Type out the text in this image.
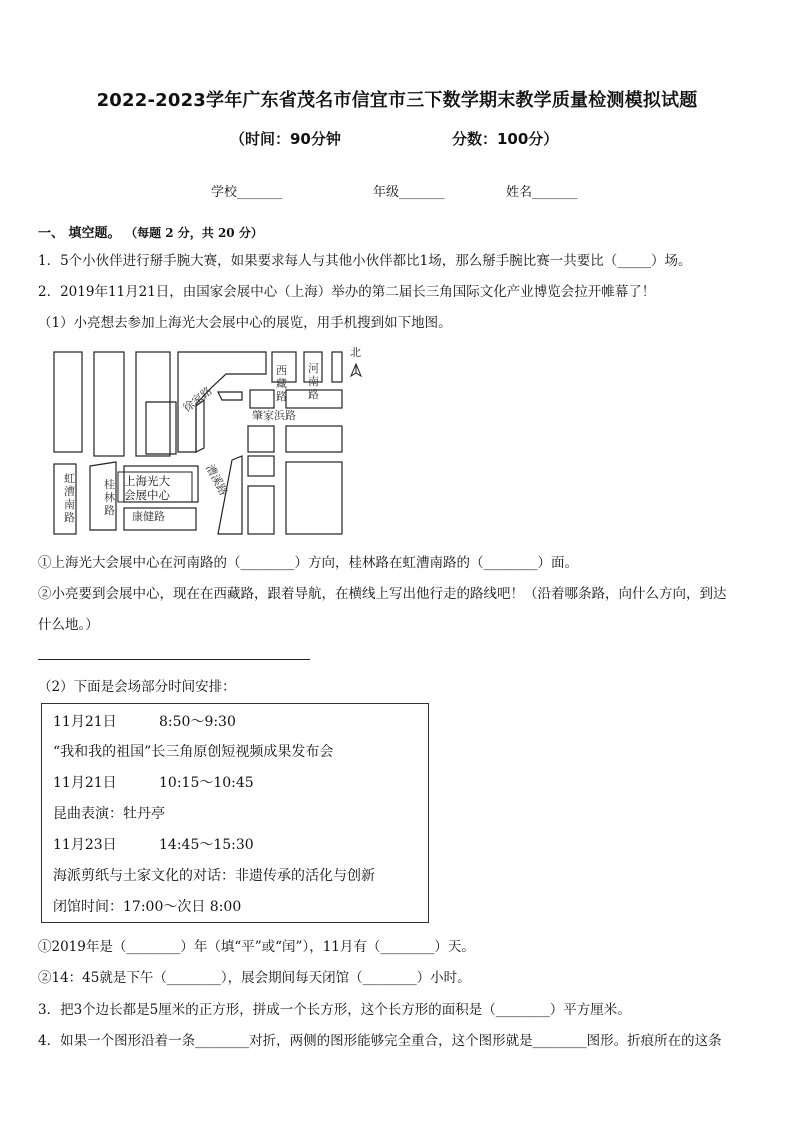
2022-2023学年广东省茂名市信宜市三下数学期末教学质量检测模拟试题
（时间：90分钟	分数：100分）
学校_______	年级_______	姓名_______
一、 填空题。 （每题 2 分，共 20 分）
1．5个小伙伴进行掰手腕大赛，如果要求每人与其他小伙伴都比1场，那么掰手腕比赛一共要比（_____）场。
2．2019年11月21日，由国家会展中心（上海）举办的第二届长三角国际文化产业博览会拉开帷幕了！
（1）小亮想去参加上海光大会展中心的展览，用手机搜到如下地图。
上海光大
会展中心
西藏路
河南路
徐家路
肇家浜路
漕溪路
虹漕南路
桂林路 康健路
北
①上海光大会展中心在河南路的（________）方向，桂林路在虹漕南路的（________）面。
②小亮要到会展中心，现在在西藏路，跟着导航，在横线上写出他行走的路线吧！（沿着哪条路，向什么方向，到达
什么地。）
（2）下面是会场部分时间安排：
11月21日	8:50～9:30
“我和我的祖国”长三角原创短视频成果发布会
11月21日	10:15～10:45
昆曲表演：牡丹亭
11月23日	14:45～15:30
海派剪纸与土家文化的对话：非遗传承的活化与创新
闭馆时间：17:00～次日 8:00
①2019年是（________）年（填“平”或“闰”），11月有（________）天。
②14：45就是下午（________），展会期间每天闭馆（________）小时。
3．把3个边长都是5厘米的正方形，拼成一个长方形，这个长方形的面积是（________）平方厘米。
4．如果一个图形沿着一条________对折，两侧的图形能够完全重合，这个图形就是________图形。折痕所在的这条
